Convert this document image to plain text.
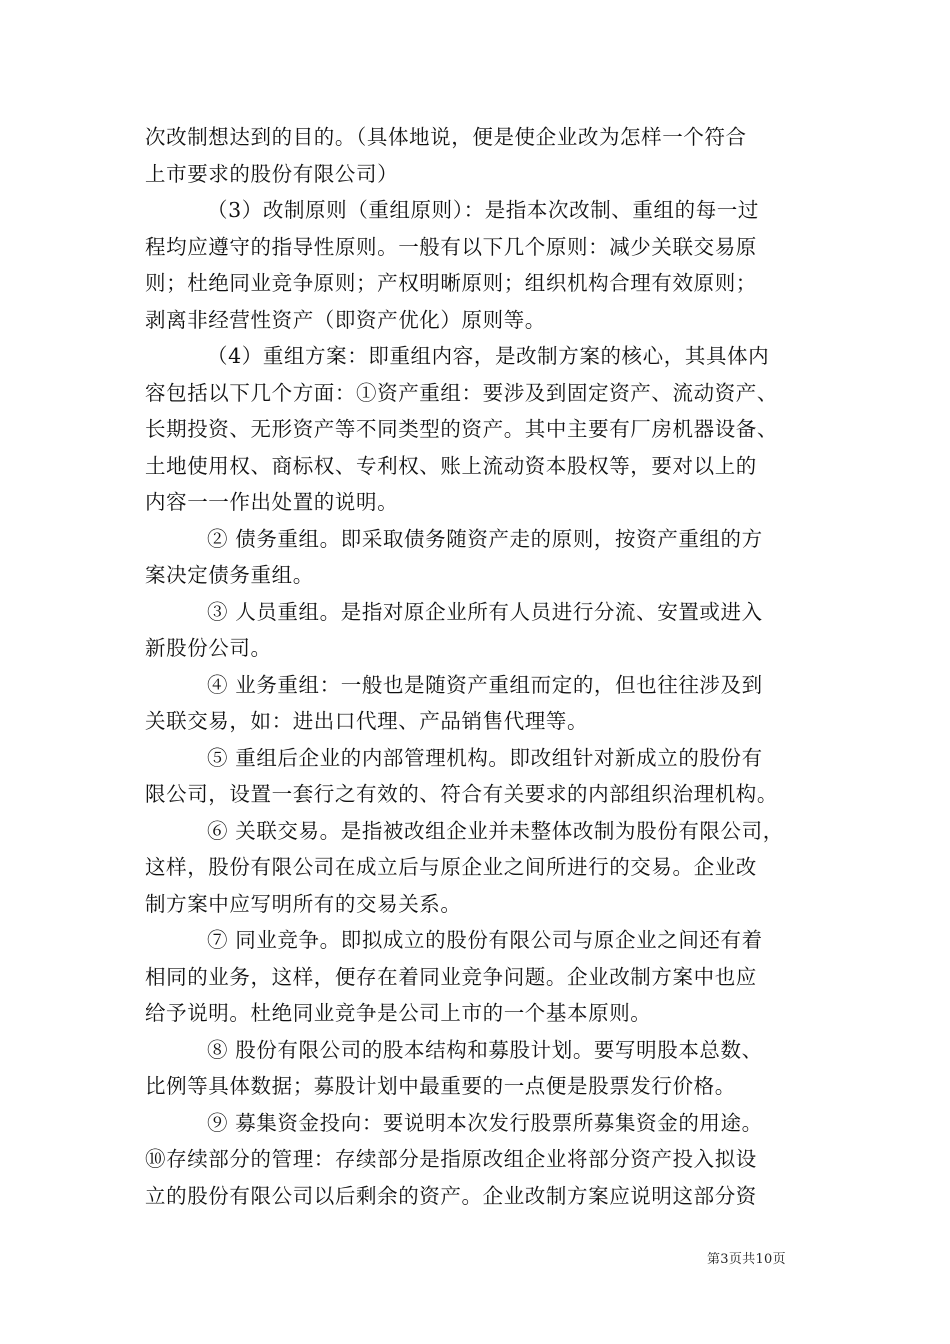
次改制想达到的目的。（具体地说，便是使企业改为怎样一个符合
上市要求的股份有限公司）
（3）改制原则（重组原则）：是指本次改制、重组的每一过
程均应遵守的指导性原则。一般有以下几个原则：减少关联交易原
则；杜绝同业竞争原则；产权明晰原则；组织机构合理有效原则；
剥离非经营性资产（即资产优化）原则等。
（4）重组方案：即重组内容，是改制方案的核心，其具体内
容包括以下几个方面：①资产重组：要涉及到固定资产、流动资产、
长期投资、无形资产等不同类型的资产。其中主要有厂房机器设备、
土地使用权、商标权、专利权、账上流动资本股权等，要对以上的
内容一一作出处置的说明。
② 债务重组。即采取债务随资产走的原则，按资产重组的方
案决定债务重组。
③ 人员重组。是指对原企业所有人员进行分流、安置或进入
新股份公司。
④ 业务重组：一般也是随资产重组而定的，但也往往涉及到
关联交易，如：进出口代理、产品销售代理等。
⑤ 重组后企业的内部管理机构。即改组针对新成立的股份有
限公司，设置一套行之有效的、符合有关要求的内部组织治理机构。
⑥ 关联交易。是指被改组企业并未整体改制为股份有限公司，
这样，股份有限公司在成立后与原企业之间所进行的交易。企业改
制方案中应写明所有的交易关系。
⑦ 同业竞争。即拟成立的股份有限公司与原企业之间还有着
相同的业务，这样，便存在着同业竞争问题。企业改制方案中也应
给予说明。杜绝同业竞争是公司上市的一个基本原则。
⑧ 股份有限公司的股本结构和募股计划。要写明股本总数、
比例等具体数据；募股计划中最重要的一点便是股票发行价格。
⑨ 募集资金投向：要说明本次发行股票所募集资金的用途。
⑩存续部分的管理：存续部分是指原改组企业将部分资产投入拟设
立的股份有限公司以后剩余的资产。企业改制方案应说明这部分资
第3页共10页
